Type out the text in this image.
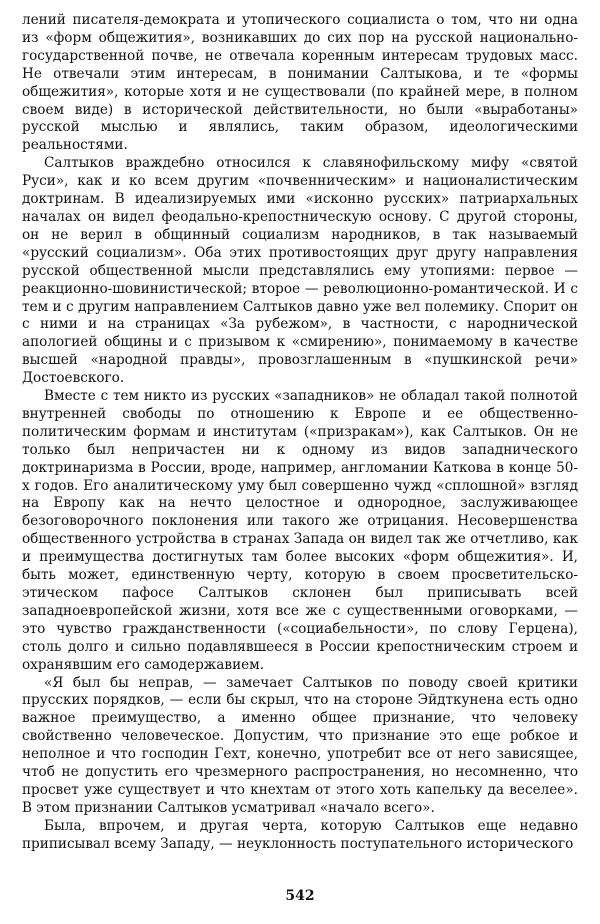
лений писателя-демократа и утопического социалиста о том, что ни одна из «форм общежития», возникавших до сих пор на русской национально-государственной почве, не отвечала коренным интересам трудовых масс. Не отвечали этим интересам, в понимании Салтыкова, и те «формы общежития», которые хотя и не существовали (по крайней мере, в полном своем виде) в исторической действительности, но были «выработаны» русской мыслью и являлись, таким образом, идеологическими реальностями.

Салтыков враждебно относился к славянофильскому мифу «святой Руси», как и ко всем другим «почвенническим» и националистическим доктринам. В идеализируемых ими «исконно русских» патриархальных началах он видел феодально-крепостническую основу. С другой стороны, он не верил в общинный социализм народников, в так называемый «русский социализм». Оба этих противостоящих друг другу направления русской общественной мысли представлялись ему утопиями: первое — реакционно-шовинистической; второе — революционно-романтической. И с тем и с другим направлением Салтыков давно уже вел полемику. Спорит он с ними и на страницах «За рубежом», в частности, с народнической апологией общины и с призывом к «смирению», понимаемому в качестве высшей «народной правды», провозглашенным в «пушкинской речи» Достоевского.

Вместе с тем никто из русских «западников» не обладал такой полнотой внутренней свободы по отношению к Европе и ее общественно-политическим формам и институтам («призракам»), как Салтыков. Он не только был непричастен ни к одному из видов западнического доктринаризма в России, вроде, например, англомании Каткова в конце 50-х годов. Его аналитическому уму был совершенно чужд «сплошной» взгляд на Европу как на нечто целостное и однородное, заслуживающее безоговорочного поклонения или такого же отрицания. Несовершенства общественного устройства в странах Запада он видел так же отчетливо, как и преимущества достигнутых там более высоких «форм общежития». И, быть может, единственную черту, которую в своем просветительско-этическом пафосе Салтыков склонен был приписывать всей западноевропейской жизни, хотя все же с существенными оговорками, — это чувство гражданственности («социабельности», по слову Герцена), столь долго и сильно подавлявшееся в России крепостническим строем и охранявшим его самодержавием.

«Я был бы неправ, — замечает Салтыков по поводу своей критики прусских порядков, — если бы скрыл, что на стороне Эйдткунена есть одно важное преимущество, а именно общее признание, что человеку свойственно человеческое. Допустим, что признание это еще робкое и неполное и что господин Гехт, конечно, употребит все от него зависящее, чтоб не допустить его чрезмерного распространения, но несомненно, что просвет уже существует и что кнехтам от этого хоть капельку да веселее». В этом признании Салтыков усматривал «начало всего».

Была, впрочем, и другая черта, которую Салтыков еще недавно приписывал всему Западу, — неуклонность поступательного исторического

542
